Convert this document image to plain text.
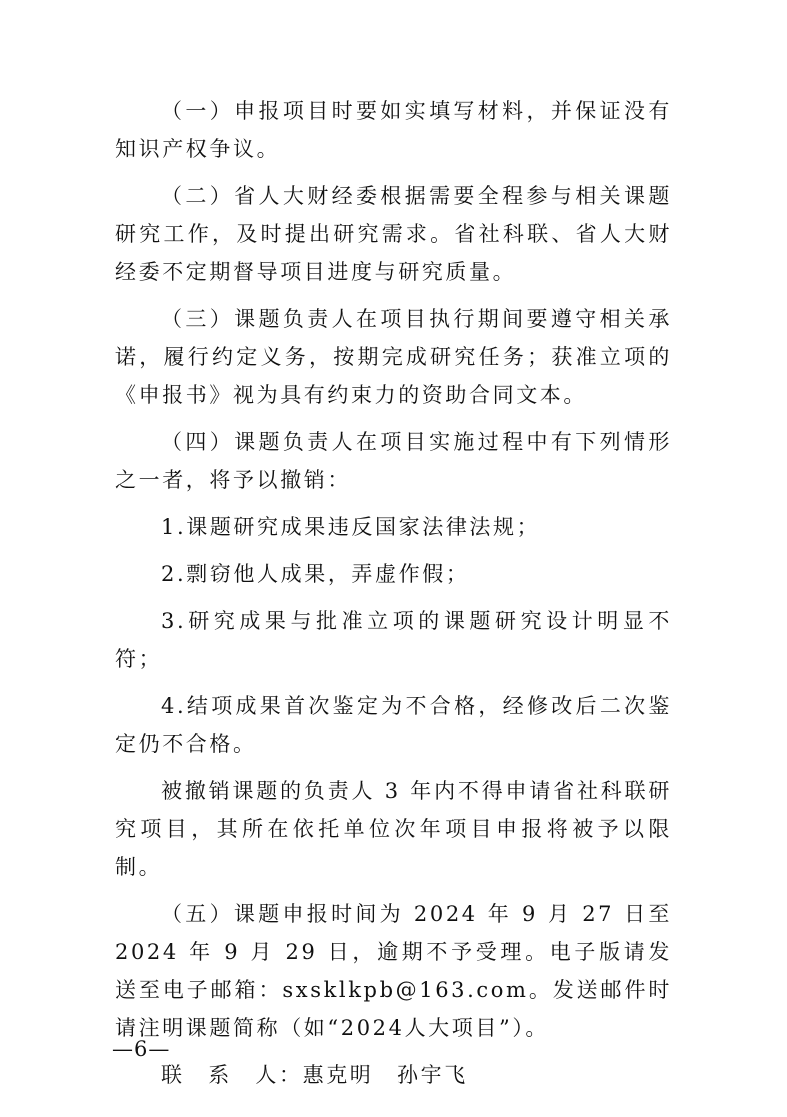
（一）申报项目时要如实填写材料，并保证没有知识产权争议。

（二）省人大财经委根据需要全程参与相关课题研究工作，及时提出研究需求。省社科联、省人大财经委不定期督导项目进度与研究质量。

（三）课题负责人在项目执行期间要遵守相关承诺，履行约定义务，按期完成研究任务；获准立项的《申报书》视为具有约束力的资助合同文本。

（四）课题负责人在项目实施过程中有下列情形之一者，将予以撤销：

1.课题研究成果违反国家法律法规；

2.剽窃他人成果，弄虚作假；

3.研究成果与批准立项的课题研究设计明显不符；

4.结项成果首次鉴定为不合格，经修改后二次鉴定仍不合格。

被撤销课题的负责人 3 年内不得申请省社科联研究项目，其所在依托单位次年项目申报将被予以限制。

（五）课题申报时间为 2024 年 9 月 27 日至 2024 年 9 月 29 日，逾期不予受理。电子版请发送至电子邮箱：sxsklkpb@163.com。发送邮件时请注明课题简称（如“2024人大项目”）。

联　系　人：惠克明　孙宇飞

—6—
